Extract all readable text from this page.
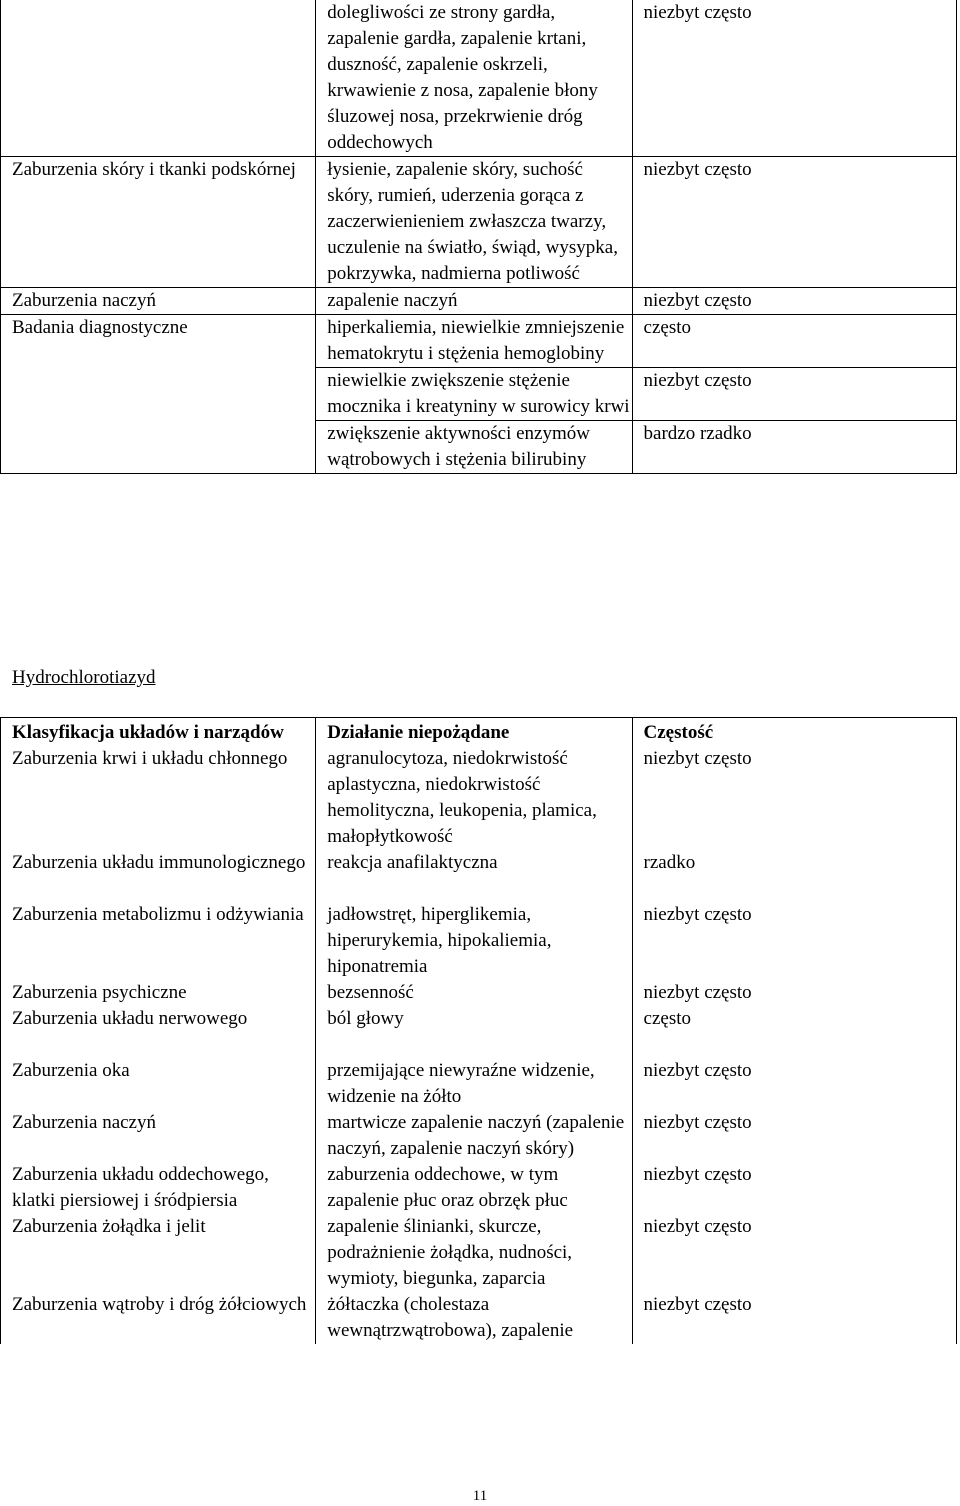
	dolegliwości ze strony gardła, zapalenie gardła, zapalenie krtani, duszność, zapalenie oskrzeli, krwawienie z nosa, zapalenie błony śluzowej nosa, przekrwienie dróg oddechowych	niezbyt często
Zaburzenia skóry i tkanki podskórnej	łysienie, zapalenie skóry, suchość skóry, rumień, uderzenia gorąca z zaczerwienieniem zwłaszcza twarzy, uczulenie na światło, świąd, wysypka, pokrzywka, nadmierna potliwość	niezbyt często
Zaburzenia naczyń	zapalenie naczyń	niezbyt często
Badania diagnostyczne	hiperkaliemia, niewielkie zmniejszenie hematokrytu i stężenia hemoglobiny	często
	niewielkie zwiększenie stężenie mocznika i kreatyniny w surowicy krwi	niezbyt często
	zwiększenie aktywności enzymów wątrobowych i stężenia bilirubiny	bardzo rzadko
Hydrochlorotiazyd
Klasyfikacja układów i narządów	Działanie niepożądane	Częstość
Zaburzenia krwi i układu chłonnego	agranulocytoza, niedokrwistość aplastyczna, niedokrwistość hemolityczna, leukopenia, plamica, małopłytkowość	niezbyt często
Zaburzenia układu immunologicznego	reakcja anafilaktyczna	rzadko
Zaburzenia metabolizmu i odżywiania	jadłowstręt, hiperglikemia, hiperurykemia, hipokaliemia, hiponatremia	niezbyt często
Zaburzenia psychiczne	bezsenność	niezbyt często
Zaburzenia układu nerwowego	ból głowy	często
Zaburzenia oka	przemijające niewyraźne widzenie, widzenie na żółto	niezbyt często
Zaburzenia naczyń	martwicze zapalenie naczyń (zapalenie naczyń, zapalenie naczyń skóry)	niezbyt często
Zaburzenia układu oddechowego, klatki piersiowej i śródpiersia	zaburzenia oddechowe, w tym zapalenie płuc oraz obrzęk płuc	niezbyt często
Zaburzenia żołądka i jelit	zapalenie ślinianki, skurcze, podrażnienie żołądka, nudności, wymioty, biegunka, zaparcia	niezbyt często
Zaburzenia wątroby i dróg żółciowych	żółtaczka (cholestaza wewnątrzwątrobowa), zapalenie	niezbyt często
11
